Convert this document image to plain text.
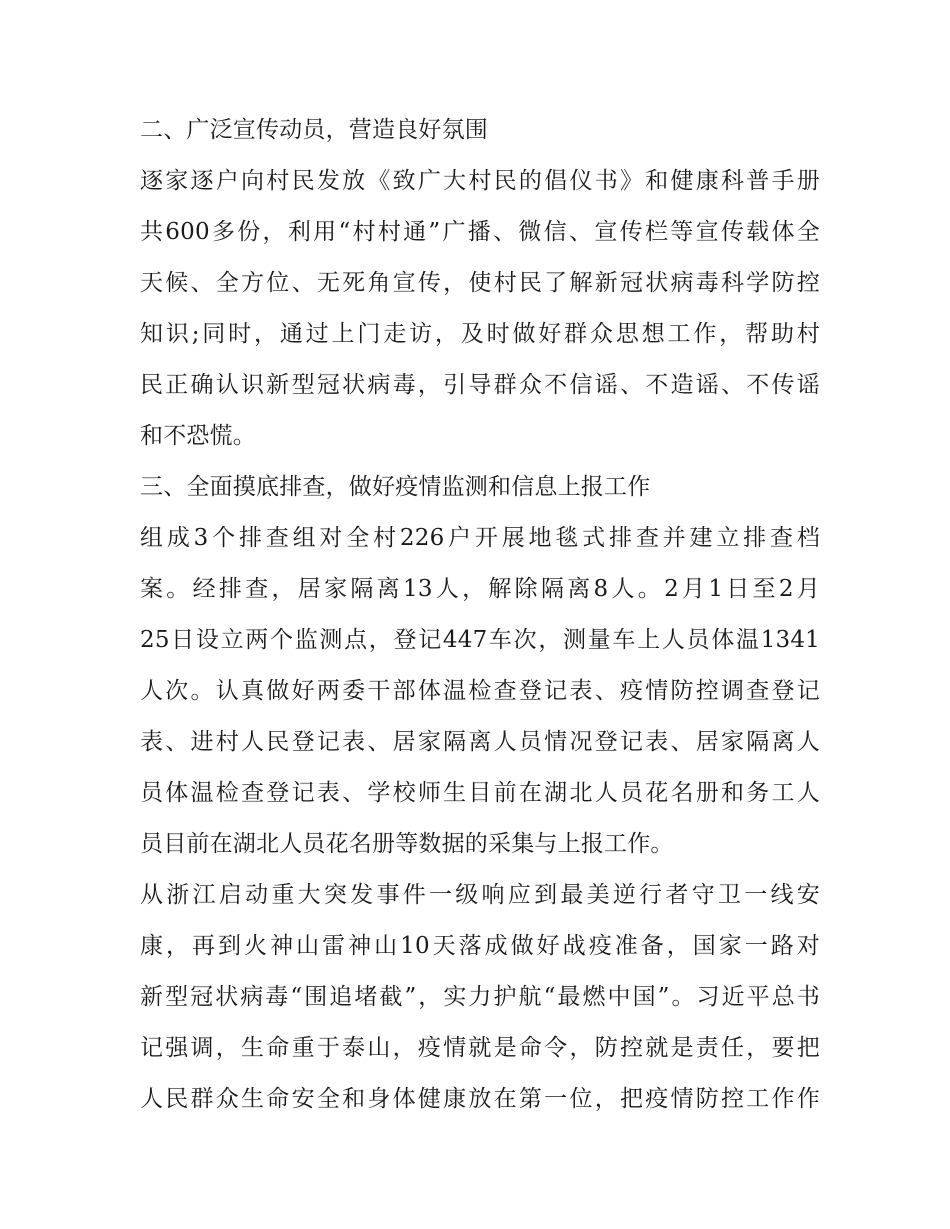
二、广泛宣传动员，营造良好氛围
逐家逐户向村民发放《致广大村民的倡仪书》和健康科普手册
共600多份，利用“村村通”广播、微信、宣传栏等宣传载体全
天候、全方位、无死角宣传，使村民了解新冠状病毒科学防控
知识;同时，通过上门走访，及时做好群众思想工作，帮助村
民正确认识新型冠状病毒，引导群众不信谣、不造谣、不传谣
和不恐慌。
三、全面摸底排查，做好疫情监测和信息上报工作
组成3个排查组对全村226户开展地毯式排查并建立排查档
案。经排查，居家隔离13人，解除隔离8人。2月1日至2月
25日设立两个监测点，登记447车次，测量车上人员体温1341
人次。认真做好两委干部体温检查登记表、疫情防控调查登记
表、进村人民登记表、居家隔离人员情况登记表、居家隔离人
员体温检查登记表、学校师生目前在湖北人员花名册和务工人
员目前在湖北人员花名册等数据的采集与上报工作。
从浙江启动重大突发事件一级响应到最美逆行者守卫一线安
康，再到火神山雷神山10天落成做好战疫准备，国家一路对
新型冠状病毒“围追堵截”，实力护航“最燃中国”。习近平总书
记强调，生命重于泰山，疫情就是命令，防控就是责任，要把
人民群众生命安全和身体健康放在第一位，把疫情防控工作作
